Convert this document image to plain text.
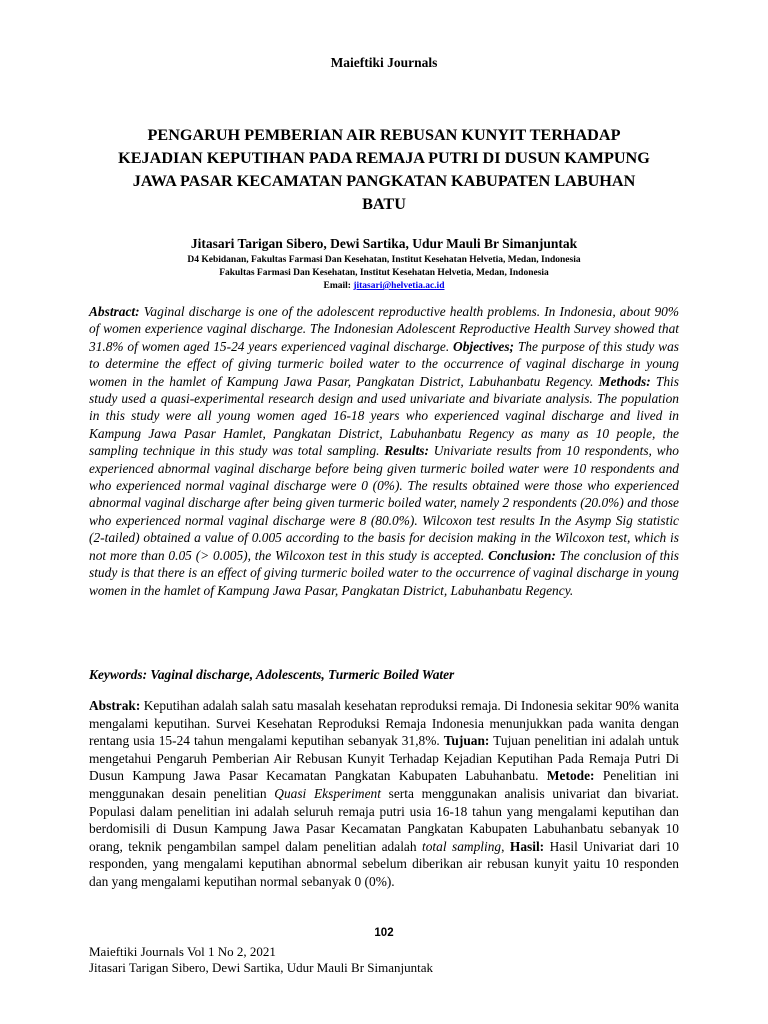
Maieftiki Journals
PENGARUH PEMBERIAN AIR REBUSAN KUNYIT TERHADAP KEJADIAN KEPUTIHAN PADA REMAJA PUTRI DI DUSUN KAMPUNG JAWA PASAR KECAMATAN PANGKATAN KABUPATEN LABUHAN BATU
Jitasari Tarigan Sibero, Dewi Sartika, Udur Mauli Br Simanjuntak
D4 Kebidanan, Fakultas Farmasi Dan Kesehatan, Institut Kesehatan Helvetia, Medan, Indonesia
Fakultas Farmasi Dan Kesehatan, Institut Kesehatan Helvetia, Medan, Indonesia
Email: jitasari@helvetia.ac.id

Abstract: Vaginal discharge is one of the adolescent reproductive health problems. In Indonesia, about 90% of women experience vaginal discharge. The Indonesian Adolescent Reproductive Health Survey showed that 31.8% of women aged 15-24 years experienced vaginal discharge. Objectives; The purpose of this study was to determine the effect of giving turmeric boiled water to the occurrence of vaginal discharge in young women in the hamlet of Kampung Jawa Pasar, Pangkatan District, Labuhanbatu Regency. Methods: This study used a quasi-experimental research design and used univariate and bivariate analysis. The population in this study were all young women aged 16-18 years who experienced vaginal discharge and lived in Kampung Jawa Pasar Hamlet, Pangkatan District, Labuhanbatu Regency as many as 10 people, the sampling technique in this study was total sampling. Results: Univariate results from 10 respondents, who experienced abnormal vaginal discharge before being given turmeric boiled water were 10 respondents and who experienced normal vaginal discharge were 0 (0%). The results obtained were those who experienced abnormal vaginal discharge after being given turmeric boiled water, namely 2 respondents (20.0%) and those who experienced normal vaginal discharge were 8 (80.0%). Wilcoxon test results In the Asymp Sig statistic (2-tailed) obtained a value of 0.005 according to the basis for decision making in the Wilcoxon test, which is not more than 0.05 (> 0.005), the Wilcoxon test in this study is accepted. Conclusion: The conclusion of this study is that there is an effect of giving turmeric boiled water to the occurrence of vaginal discharge in young women in the hamlet of Kampung Jawa Pasar, Pangkatan District, Labuhanbatu Regency.

Keywords: Vaginal discharge, Adolescents, Turmeric Boiled Water

Abstrak: Keputihan adalah salah satu masalah kesehatan reproduksi remaja. Di Indonesia sekitar 90% wanita mengalami keputihan. Survei Kesehatan Reproduksi Remaja Indonesia menunjukkan pada wanita dengan rentang usia 15-24 tahun mengalami keputihan sebanyak 31,8%. Tujuan: Tujuan penelitian ini adalah untuk mengetahui Pengaruh Pemberian Air Rebusan Kunyit Terhadap Kejadian Keputihan Pada Remaja Putri Di Dusun Kampung Jawa Pasar Kecamatan Pangkatan Kabupaten Labuhanbatu. Metode: Penelitian ini menggunakan desain penelitian Quasi Eksperiment serta menggunakan analisis univariat dan bivariat. Populasi dalam penelitian ini adalah seluruh remaja putri usia 16-18 tahun yang mengalami keputihan dan berdomisili di Dusun Kampung Jawa Pasar Kecamatan Pangkatan Kabupaten Labuhanbatu sebanyak 10 orang, teknik pengambilan sampel dalam penelitian adalah total sampling, Hasil: Hasil Univariat dari 10 responden, yang mengalami keputihan abnormal sebelum diberikan air rebusan kunyit yaitu 10 responden dan yang mengalami keputihan normal sebanyak 0 (0%).

102
Maieftiki Journals Vol 1 No 2, 2021
Jitasari Tarigan Sibero, Dewi Sartika, Udur Mauli Br Simanjuntak
